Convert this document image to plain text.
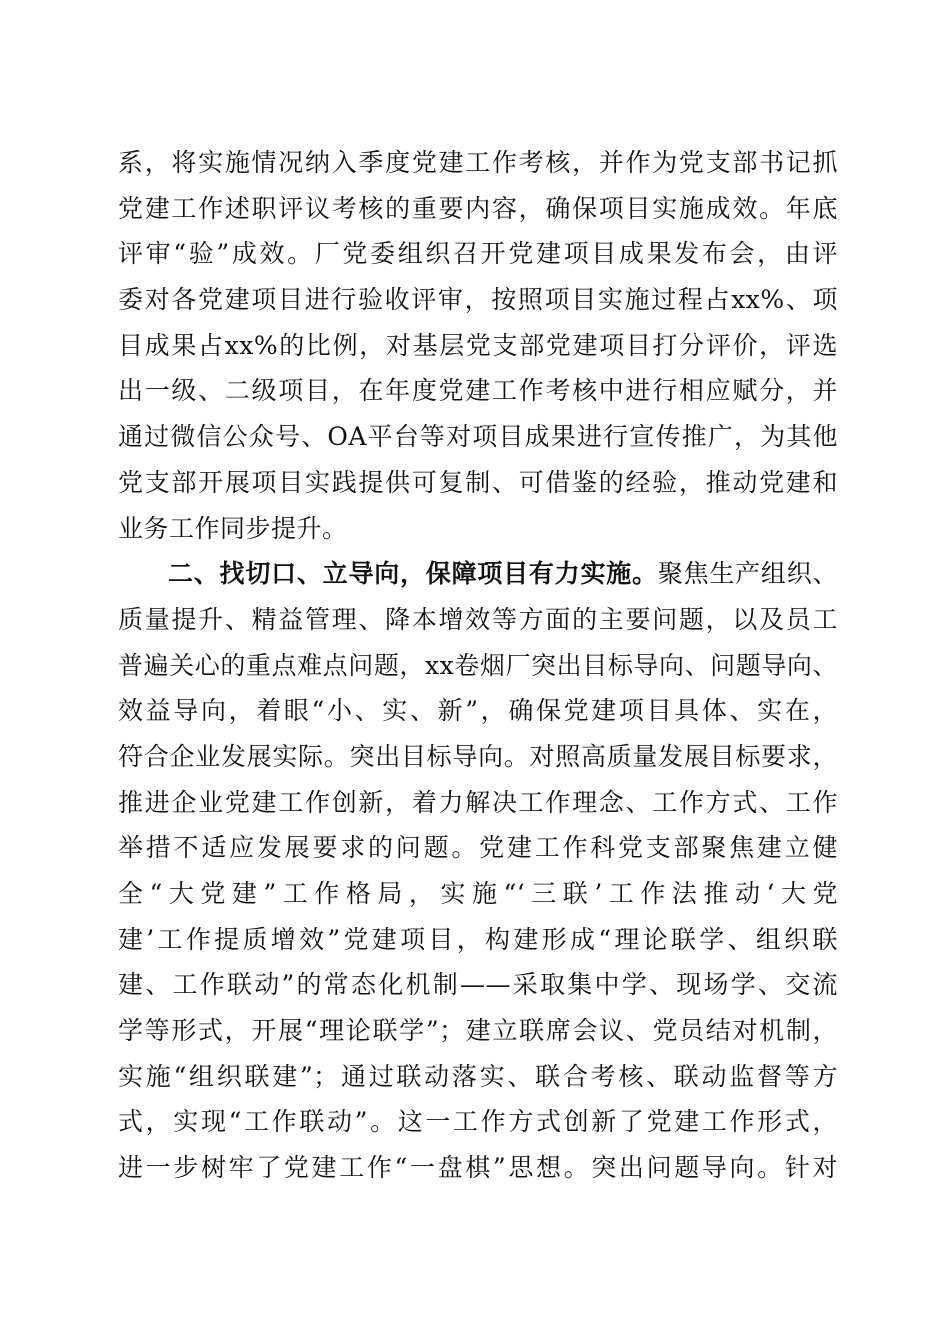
系，将实施情况纳入季度党建工作考核，并作为党支部书记抓
党建工作述职评议考核的重要内容，确保项目实施成效。年底
评审“验”成效。厂党委组织召开党建项目成果发布会，由评
委对各党建项目进行验收评审，按照项目实施过程占xx%、项
目成果占xx%的比例，对基层党支部党建项目打分评价，评选
出一级、二级项目，在年度党建工作考核中进行相应赋分，并
通过微信公众号、OA平台等对项目成果进行宣传推广，为其他
党支部开展项目实践提供可复制、可借鉴的经验，推动党建和
业务工作同步提升。
二、找切口、立导向，保障项目有力实施。聚焦生产组织、
质量提升、精益管理、降本增效等方面的主要问题，以及员工
普遍关心的重点难点问题，xx卷烟厂突出目标导向、问题导向、
效益导向，着眼“小、实、新”，确保党建项目具体、实在，
符合企业发展实际。突出目标导向。对照高质量发展目标要求，
推进企业党建工作创新，着力解决工作理念、工作方式、工作
举措不适应发展要求的问题。党建工作科党支部聚焦建立健
全“大党建”工作格局，实施“‘三联’工作法推动‘大党
建’工作提质增效”党建项目，构建形成“理论联学、组织联
建、工作联动”的常态化机制——采取集中学、现场学、交流
学等形式，开展“理论联学”；建立联席会议、党员结对机制，
实施“组织联建”；通过联动落实、联合考核、联动监督等方
式，实现“工作联动”。这一工作方式创新了党建工作形式，
进一步树牢了党建工作“一盘棋”思想。突出问题导向。针对
